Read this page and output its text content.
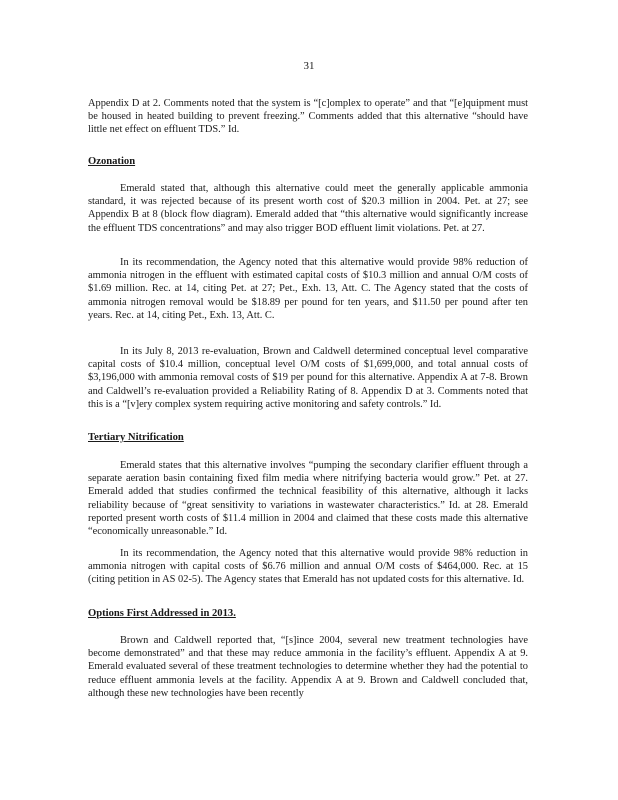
31

Appendix D at 2. Comments noted that the system is “[c]omplex to operate” and that “[e]quipment must be housed in heated building to prevent freezing.” Comments added that this alternative “should have little net effect on effluent TDS.” Id.

Ozonation

Emerald stated that, although this alternative could meet the generally applicable ammonia standard, it was rejected because of its present worth cost of $20.3 million in 2004. Pet. at 27; see Appendix B at 8 (block flow diagram). Emerald added that “this alternative would significantly increase the effluent TDS concentrations” and may also trigger BOD effluent limit violations. Pet. at 27.

In its recommendation, the Agency noted that this alternative would provide 98% reduction of ammonia nitrogen in the effluent with estimated capital costs of $10.3 million and annual O/M costs of $1.69 million. Rec. at 14, citing Pet. at 27; Pet., Exh. 13, Att. C. The Agency stated that the costs of ammonia nitrogen removal would be $18.89 per pound for ten years, and $11.50 per pound after ten years. Rec. at 14, citing Pet., Exh. 13, Att. C.

In its July 8, 2013 re-evaluation, Brown and Caldwell determined conceptual level comparative capital costs of $10.4 million, conceptual level O/M costs of $1,699,000, and total annual costs of $3,196,000 with ammonia removal costs of $19 per pound for this alternative. Appendix A at 7-8. Brown and Caldwell’s re-evaluation provided a Reliability Rating of 8. Appendix D at 3. Comments noted that this is a “[v]ery complex system requiring active monitoring and safety controls.” Id.

Tertiary Nitrification

Emerald states that this alternative involves “pumping the secondary clarifier effluent through a separate aeration basin containing fixed film media where nitrifying bacteria would grow.” Pet. at 27. Emerald added that studies confirmed the technical feasibility of this alternative, although it lacks reliability because of “great sensitivity to variations in wastewater characteristics.” Id. at 28. Emerald reported present worth costs of $11.4 million in 2004 and claimed that these costs made this alternative “economically unreasonable.” Id.

In its recommendation, the Agency noted that this alternative would provide 98% reduction in ammonia nitrogen with capital costs of $6.76 million and annual O/M costs of $464,000. Rec. at 15 (citing petition in AS 02-5). The Agency states that Emerald has not updated costs for this alternative. Id.

Options First Addressed in 2013.

Brown and Caldwell reported that, “[s]ince 2004, several new treatment technologies have become demonstrated” and that these may reduce ammonia in the facility’s effluent. Appendix A at 9. Emerald evaluated several of these treatment technologies to determine whether they had the potential to reduce effluent ammonia levels at the facility. Appendix A at 9. Brown and Caldwell concluded that, although these new technologies have been recently
